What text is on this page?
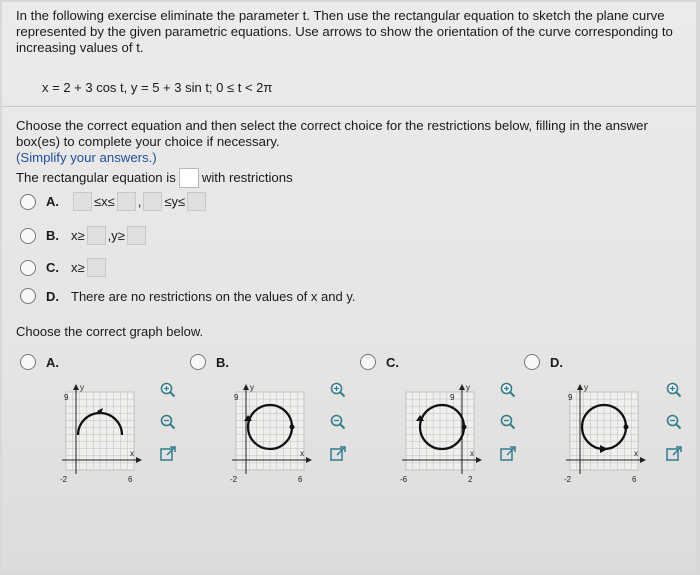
In the following exercise eliminate the parameter t. Then use the rectangular equation to sketch the plane curve represented by the given parametric equations. Use arrows to show the orientation of the curve corresponding to increasing values of t.
x = 2 + 3 cos t, y = 5 + 3 sin t; 0 ≤ t < 2π
Choose the correct equation and then select the correct choice for the restrictions below, filling in the answer box(es) to complete your choice if necessary.
(Simplify your answers.)
The rectangular equation is with restrictions
A.	≤x≤ , ≤y≤
B. x≥ ,y≥
C. x≥
D. There are no restrictions on the values of x and y.
Choose the correct graph below.
A.
y
x
9
-2	6
B.
y
x
9
-2	6
C.
y
x
9
-6	2
D.
y
x
9
-2	6
